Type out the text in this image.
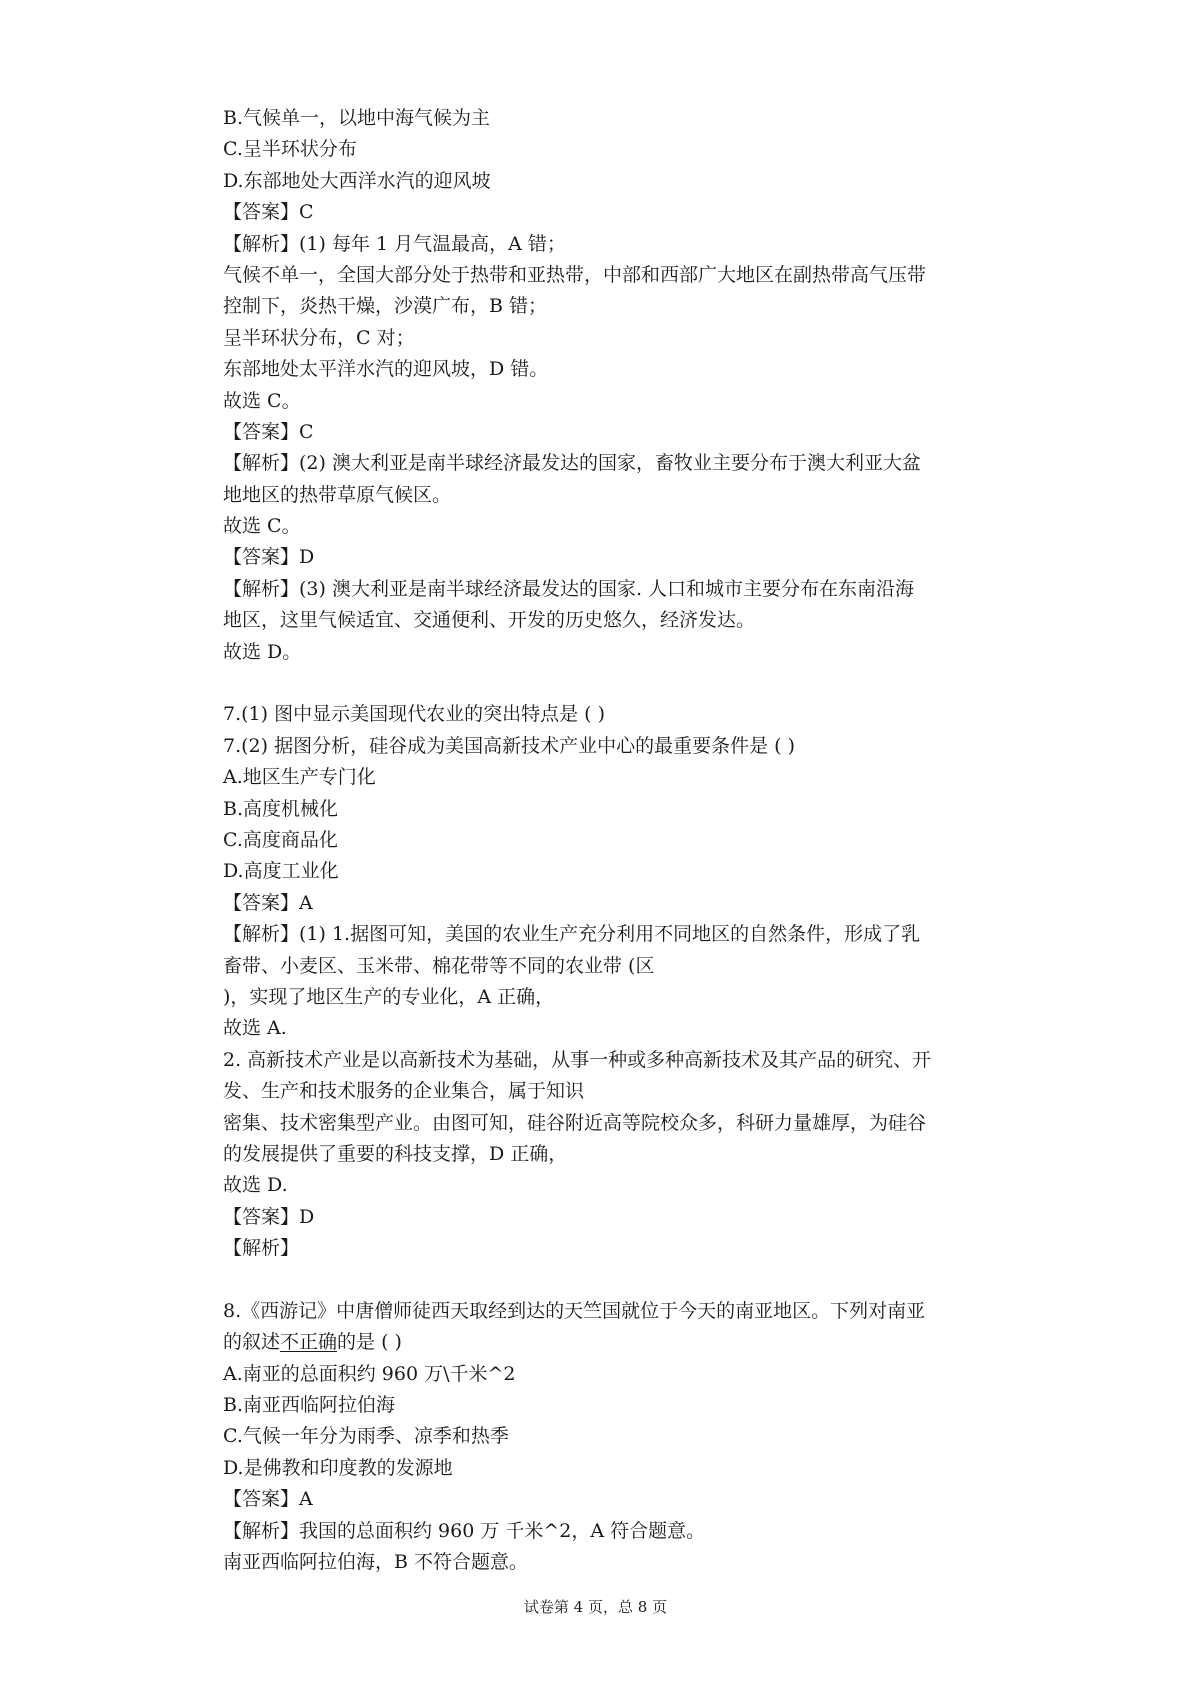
B.气候单一，以地中海气候为主
C.呈半环状分布
D.东部地处大西洋水汽的迎风坡
【答案】C
【解析】(1) 每年 1 月气温最高，A 错；
气候不单一，全国大部分处于热带和亚热带，中部和西部广大地区在副热带高气压带
控制下，炎热干燥，沙漠广布，B 错；
呈半环状分布，C 对；
东部地处太平洋水汽的迎风坡，D 错。
故选 C。
【答案】C
【解析】(2) 澳大利亚是南半球经济最发达的国家，畜牧业主要分布于澳大利亚大盆
地地区的热带草原气候区。
故选 C。
【答案】D
【解析】(3) 澳大利亚是南半球经济最发达的国家. 人口和城市主要分布在东南沿海
地区，这里气候适宜、交通便利、开发的历史悠久，经济发达。
故选 D。
7.(1) 图中显示美国现代农业的突出特点是 ( )
7.(2) 据图分析，硅谷成为美国高新技术产业中心的最重要条件是 ( )
A.地区生产专门化
B.高度机械化
C.高度商品化
D.高度工业化
【答案】A
【解析】(1) 1.据图可知，美国的农业生产充分利用不同地区的自然条件，形成了乳
畜带、小麦区、玉米带、棉花带等不同的农业带 (区
)，实现了地区生产的专业化，A 正确，
故选 A.
2. 高新技术产业是以高新技术为基础，从事一种或多种高新技术及其产品的研究、开
发、生产和技术服务的企业集合，属于知识
密集、技术密集型产业。由图可知，硅谷附近高等院校众多，科研力量雄厚，为硅谷
的发展提供了重要的科技支撑，D 正确，
故选 D.
【答案】D
【解析】
8.《西游记》中唐僧师徒西天取经到达的天竺国就位于今天的南亚地区。下列对南亚
的叙述不正确的是 ( )
A.南亚的总面积约 960 万\千米^2
B.南亚西临阿拉伯海
C.气候一年分为雨季、凉季和热季
D.是佛教和印度教的发源地
【答案】A
【解析】我国的总面积约 960 万 千米^2，A 符合题意。
南亚西临阿拉伯海，B 不符合题意。
试卷第 4 页，总 8 页
